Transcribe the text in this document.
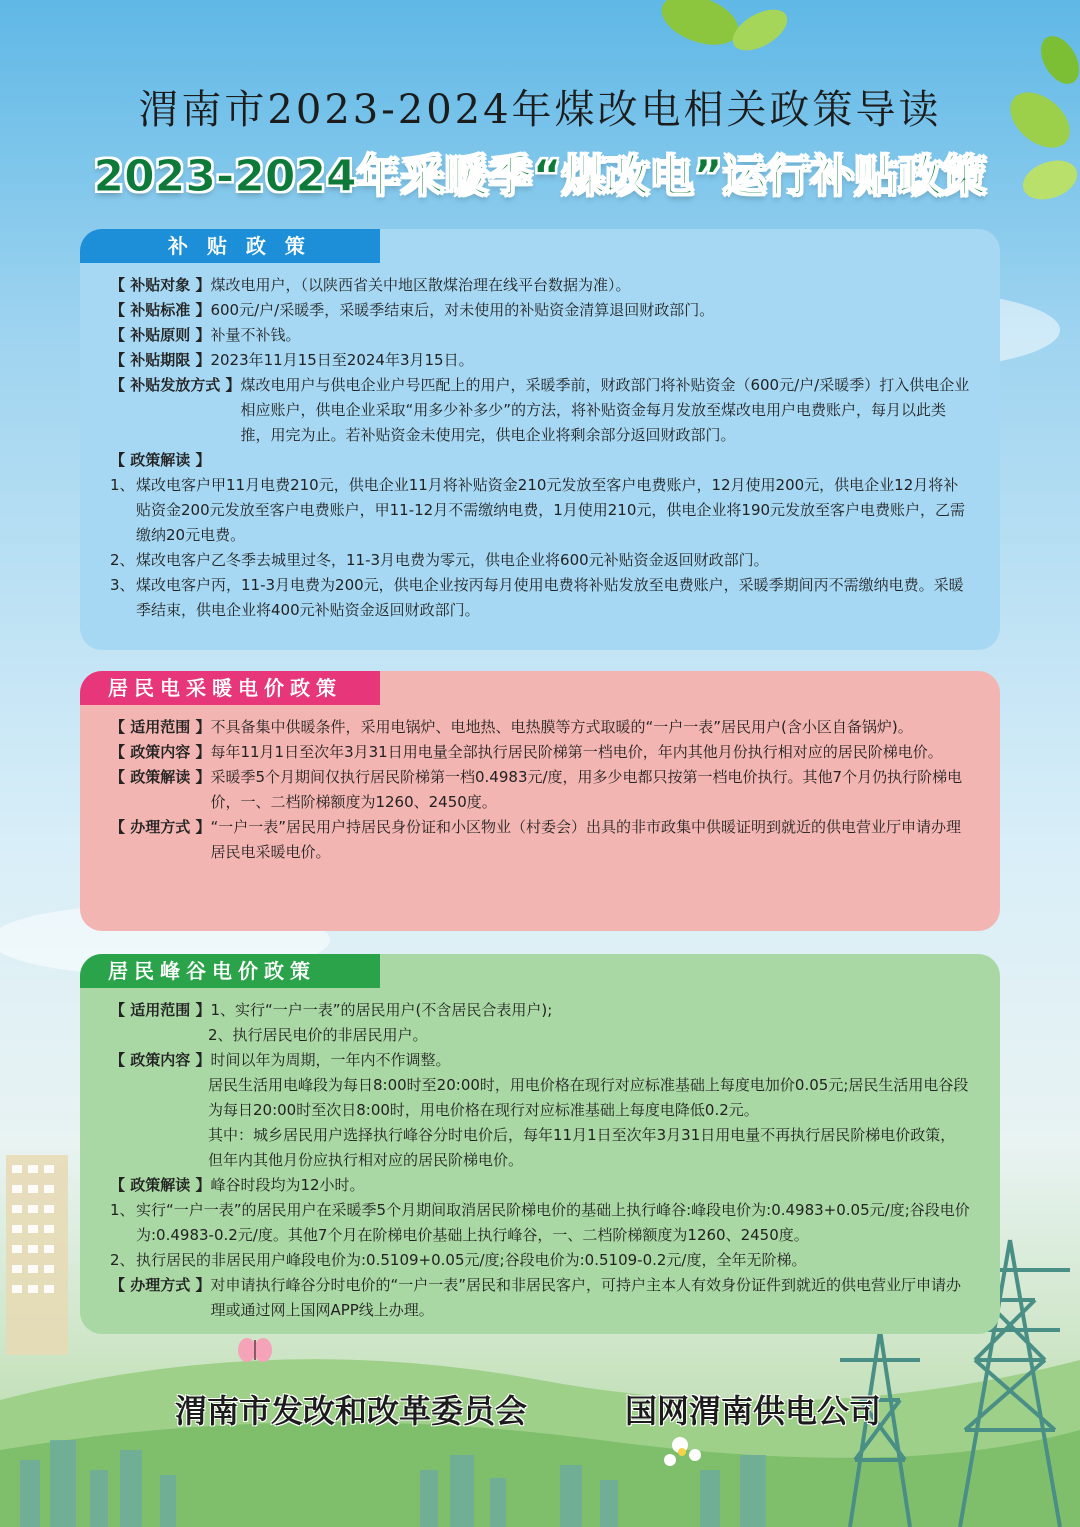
渭南市2023-2024年煤改电相关政策导读
2023-2024年采暖季“煤改电”运行补贴政策
补 贴 政 策
【 补贴对象 】 煤改电用户，（以陕西省关中地区散煤治理在线平台数据为准）。
【 补贴标准 】 600元/户/采暖季，采暖季结束后，对未使用的补贴资金清算退回财政部门。
【 补贴原则 】 补量不补钱。
【 补贴期限 】 2023年11月15日至2024年3月15日。
【 补贴发放方式 】 煤改电用户与供电企业户号匹配上的用户，采暖季前，财政部门将补贴资金（600元/户/采暖季）打入供电企业相应账户，供电企业采取“用多少补多少”的方法，将补贴资金每月发放至煤改电用户电费账户，每月以此类推，用完为止。若补贴资金未使用完，供电企业将剩余部分返回财政部门。
【 政策解读 】
1、 煤改电客户甲11月电费210元，供电企业11月将补贴资金210元发放至客户电费账户，12月使用200元，供电企业12月将补贴资金200元发放至客户电费账户，甲11-12月不需缴纳电费，1月使用210元，供电企业将190元发放至客户电费账户，乙需缴纳20元电费。
2、 煤改电客户乙冬季去城里过冬，11-3月电费为零元，供电企业将600元补贴资金返回财政部门。
3、 煤改电客户丙，11-3月电费为200元，供电企业按丙每月使用电费将补贴发放至电费账户，采暖季期间丙不需缴纳电费。采暖季结束，供电企业将400元补贴资金返回财政部门。
居民电采暖电价政策
【 适用范围 】 不具备集中供暖条件，采用电锅炉、电地热、电热膜等方式取暖的“一户一表”居民用户(含小区自备锅炉)。
【 政策内容 】 每年11月1日至次年3月31日用电量全部执行居民阶梯第一档电价，年内其他月份执行相对应的居民阶梯电价。
【 政策解读 】 采暖季5个月期间仅执行居民阶梯第一档0.4983元/度，用多少电都只按第一档电价执行。其他7个月仍执行阶梯电价，一、二档阶梯额度为1260、2450度。
【 办理方式 】 “一户一表”居民用户持居民身份证和小区物业（村委会）出具的非市政集中供暖证明到就近的供电营业厅申请办理居民电采暖电价。
居民峰谷电价政策
【 适用范围 】 1、实行“一户一表”的居民用户(不含居民合表用户);
2、执行居民电价的非居民用户。
【 政策内容 】 时间以年为周期，一年内不作调整。
居民生活用电峰段为每日8:00时至20:00时，用电价格在现行对应标准基础上每度电加价0.05元;居民生活用电谷段为每日20:00时至次日8:00时，用电价格在现行对应标准基础上每度电降低0.2元。
其中：城乡居民用户选择执行峰谷分时电价后，每年11月1日至次年3月31日用电量不再执行居民阶梯电价政策，但年内其他月份应执行相对应的居民阶梯电价。
【 政策解读 】 峰谷时段均为12小时。
1、 实行“一户一表”的居民用户在采暖季5个月期间取消居民阶梯电价的基础上执行峰谷:峰段电价为:0.4983+0.05元/度;谷段电价为:0.4983-0.2元/度。其他7个月在阶梯电价基础上执行峰谷，一、二档阶梯额度为1260、2450度。
2、 执行居民的非居民用户峰段电价为:0.5109+0.05元/度;谷段电价为:0.5109-0.2元/度，全年无阶梯。
【 办理方式 】 对申请执行峰谷分时电价的“一户一表”居民和非居民客户，可持户主本人有效身份证件到就近的供电营业厅申请办理或通过网上国网APP线上办理。
渭南市发改和改革委员会	国网渭南供电公司
